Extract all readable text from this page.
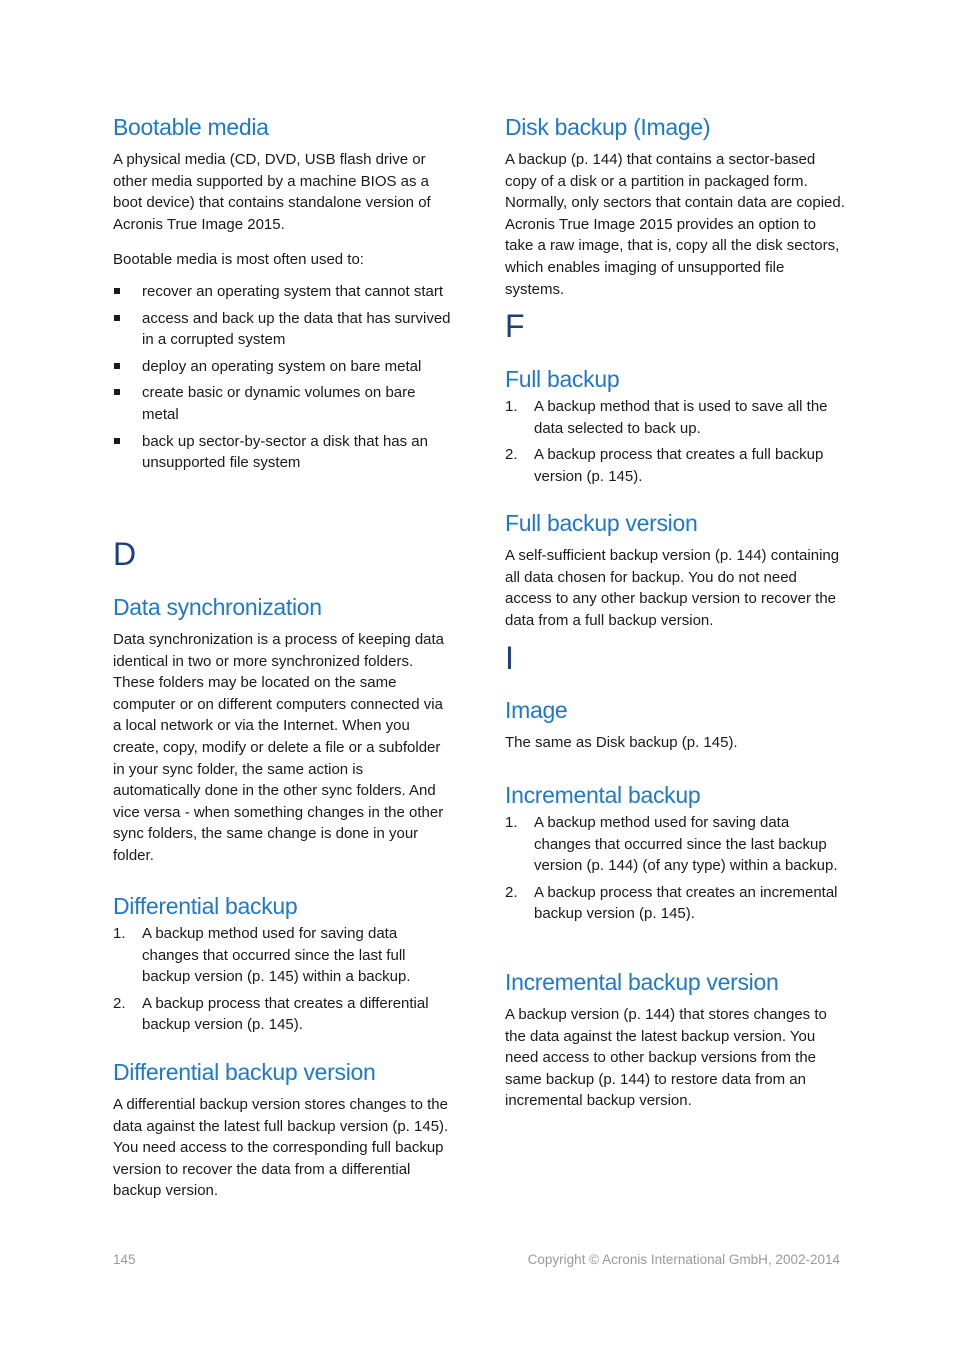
Bootable media

A physical media (CD, DVD, USB flash drive or other media supported by a machine BIOS as a boot device) that contains standalone version of Acronis True Image 2015.

Bootable media is most often used to:

recover an operating system that cannot start
access and back up the data that has survived in a corrupted system
deploy an operating system on bare metal
create basic or dynamic volumes on bare metal
back up sector-by-sector a disk that has an unsupported file system
D
Data synchronization

Data synchronization is a process of keeping data identical in two or more synchronized folders. These folders may be located on the same computer or on different computers connected via a local network or via the Internet. When you create, copy, modify or delete a file or a subfolder in your sync folder, the same action is automatically done in the other sync folders. And vice versa - when something changes in the other sync folders, the same change is done in your folder.

Differential backup
1.	A backup method used for saving data changes that occurred since the last full backup version (p. 145) within a backup.
2.	A backup process that creates a differential backup version (p. 145).
Differential backup version

A differential backup version stores changes to the data against the latest full backup version (p. 145). You need access to the corresponding full backup version to recover the data from a differential backup version.

Disk backup (Image)

A backup (p. 144) that contains a sector-based copy of a disk or a partition in packaged form. Normally, only sectors that contain data are copied. Acronis True Image 2015 provides an option to take a raw image, that is, copy all the disk sectors, which enables imaging of unsupported file systems.

F
Full backup
1.	A backup method that is used to save all the data selected to back up.
2.	A backup process that creates a full backup version (p. 145).
Full backup version

A self-sufficient backup version (p. 144) containing all data chosen for backup. You do not need access to any other backup version to recover the data from a full backup version.

I
Image

The same as Disk backup (p. 145).

Incremental backup
1.	A backup method used for saving data changes that occurred since the last backup version (p. 144) (of any type) within a backup.
2.	A backup process that creates an incremental backup version (p. 145).
Incremental backup version

A backup version (p. 144) that stores changes to the data against the latest backup version. You need access to other backup versions from the same backup (p. 144) to restore data from an incremental backup version.

145	Copyright © Acronis International GmbH, 2002-2014
